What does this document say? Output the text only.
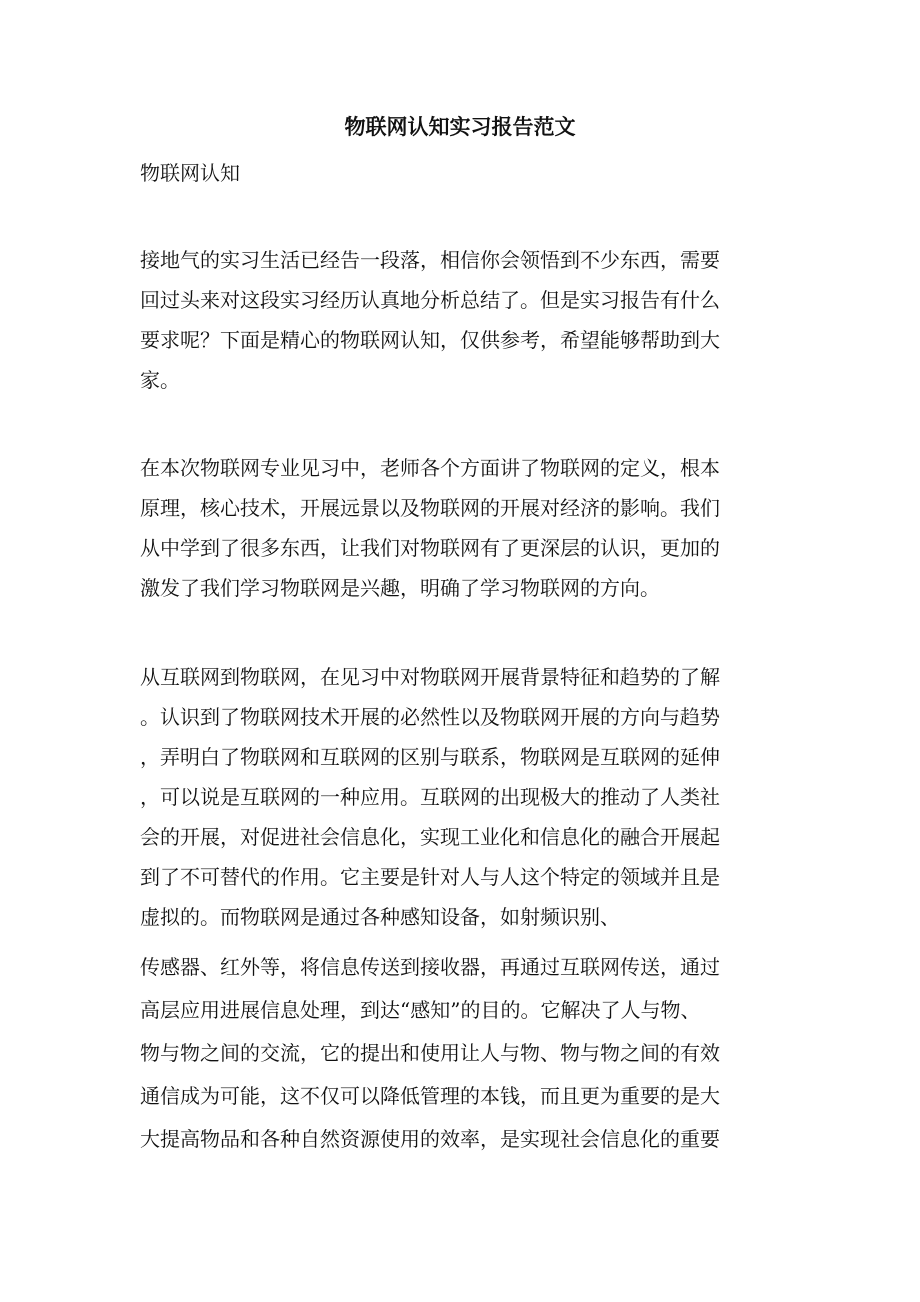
物联网认知实习报告范文

物联网认知

接地气的实习生活已经告一段落，相信你会领悟到不少东西，需要

回过头来对这段实习经历认真地分析总结了。但是实习报告有什么

要求呢？下面是精心的物联网认知，仅供参考，希望能够帮助到大

家。

在本次物联网专业见习中，老师各个方面讲了物联网的定义，根本

原理，核心技术，开展远景以及物联网的开展对经济的影响。我们

从中学到了很多东西，让我们对物联网有了更深层的认识，更加的

激发了我们学习物联网是兴趣，明确了学习物联网的方向。

从互联网到物联网，在见习中对物联网开展背景特征和趋势的了解

。认识到了物联网技术开展的必然性以及物联网开展的方向与趋势

，弄明白了物联网和互联网的区别与联系，物联网是互联网的延伸

，可以说是互联网的一种应用。互联网的出现极大的推动了人类社

会的开展，对促进社会信息化，实现工业化和信息化的融合开展起

到了不可替代的作用。它主要是针对人与人这个特定的领域并且是

虚拟的。而物联网是通过各种感知设备，如射频识别、

传感器、红外等，将信息传送到接收器，再通过互联网传送，通过

高层应用进展信息处理，到达“感知”的目的。它解决了人与物、

物与物之间的交流，它的提出和使用让人与物、物与物之间的有效

通信成为可能，这不仅可以降低管理的本钱，而且更为重要的是大

大提高物品和各种自然资源使用的效率，是实现社会信息化的重要
